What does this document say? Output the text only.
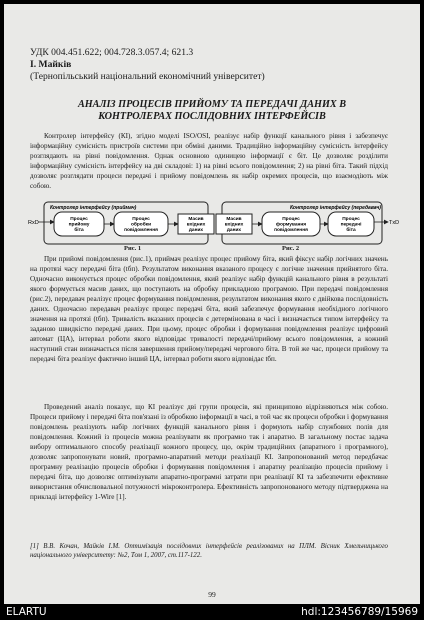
УДК 004.451.622; 004.728.3.057.4; 621.3
І. Майків
(Тернопільський національний економічний університет)
АНАЛІЗ ПРОЦЕСІВ ПРИЙОМУ ТА ПЕРЕДАЧІ ДАНИХ В
КОНТРОЛЕРАХ ПОСЛІДОВНИХ ІНТЕРФЕЙСІВ
Контролер інтерфейсу (КІ), згідно моделі ISO/OSI, реалізує набір функції канального рівня і забезпечує інформаційну сумісність пристроїв системи при обміні даними. Традиційно інформаційну сумісність інтерфейсу розглядають на рівні повідомлення. Однак основною одиницею інформації є біт. Це дозволяє розділити інформаційну сумісність інтерфейсу на дві складові: 1) на рівні всього повідомлення; 2) на рівні біта. Такий підхід дозволяє розглядати процеси передачі і прийому повідомлень як набір окремих процесів, що взаємодіють між собою.
Контролер інтерфейсу (приймач)
RxD
Контролер інтерфейсу (передавач)
TxD
Процес прийому біта
Процес обробки повідомлення
Масив вхідних даних
Масив вхідних даних
Процес формування повідомлення
Процес передачі біта
Рис. 1	Рис. 2
При прийомі повідомлення (рис.1), приймач реалізує процес прийому біта, який фіксує набір логічних значень на протязі часу передачі біта (tбп). Результатом виконання вказаного процесу є логічне значення прийнятого біта. Одночасно виконується процес обробки повідомлення, який реалізує набір функцій канального рівня в результаті якого формується масив даних, що поступають на обробку прикладною програмою. При передачі повідомлення (рис.2), передавач реалізує процес формування повідомлення, результатом виконання якого є двійкова послідовність даних. Одночасно передавач реалізує процес передачі біта, який забезпечує формування необхідного логічного значення на протязі (tбп). Тривалість вказаних процесів є детермінована в часі і визначається типом інтерфейсу та заданою швидкістю передачі даних. При цьому, процес обробки і формування повідомлення реалізує цифровий автомат (ЦА), інтервал роботи якого відповідає тривалості передачі/прийому всього повідомлення, а кожний наступний стан визначається після завершення прийому/передачі чергового біта. В той же час, процеси прийому та передачі біта реалізує фактично інший ЦА, інтервал роботи якого відповідає tбп.
Проведений аналіз показує, що КІ реалізує дві групи процесів, які принципово відрізняються між собою. Процеси прийому і передачі біта пов'язані із обробкою інформації в часі, в той час як процеси обробки і формування повідомлень реалізують набір логічних функцій канального рівня і формують набір службових полів для повідомлення. Кожний із процесів можна реалізувати як програмно так і апаратно. В загальному постає задача вибору оптимального способу реалізації кожного процесу, що, окрім традиційних (апаратного і програмного), дозволяє запропонувати новий, програмно-апаратний методи реалізації КІ. Запропонований метод передбачає програмну реалізацію процесів обробки і формування повідомлення і апаратну реалізацію процесів прийому і передачі біта, що дозволяє оптимізувати апаратно-програмні затрати при реалізації КІ та забезпечити ефективне використання обчислювальної потужності мікроконтролера. Ефективність запропонованого методу підтверджена на прикладі інтерфейсу 1-Wire [1].
[1] В.В. Кочан, Майків І.М. Оптимізація послідовних інтерфейсів реалізованих на ПЛМ. Вісник Хмельницького національного університету: №2, Том 1, 2007, ст.117-122.
99
ELARTU	hdl:123456789/15969
